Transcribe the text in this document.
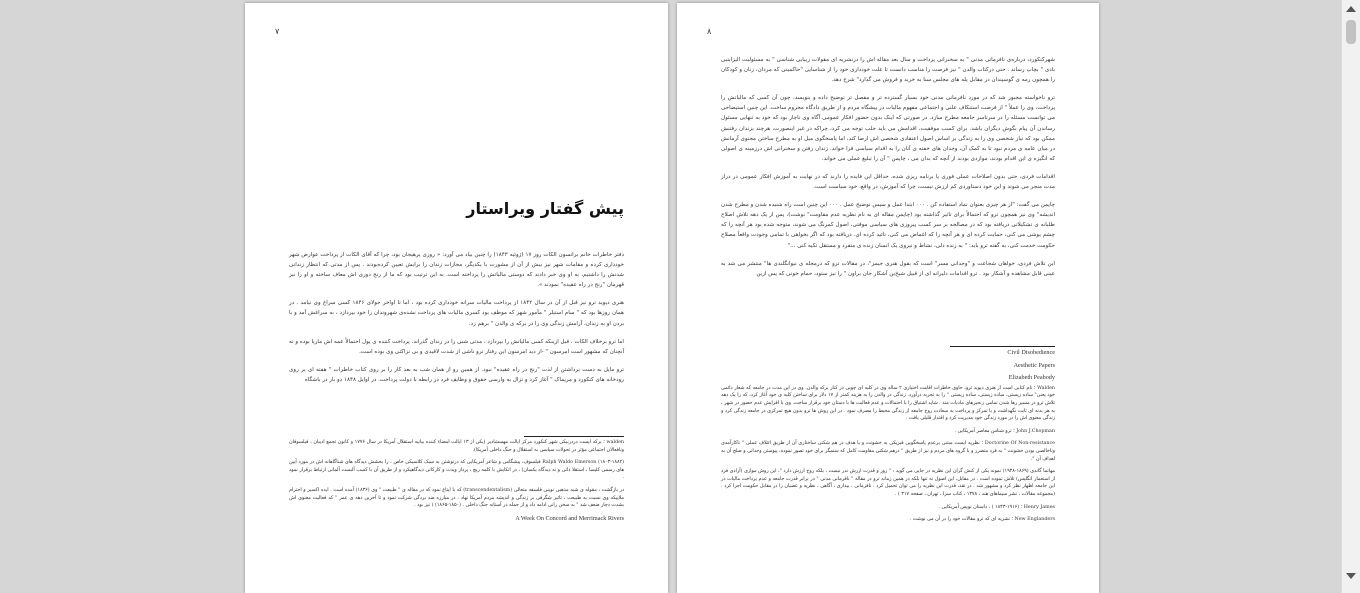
۷
پیش گفتار ویراستار

دفتر خاطرات خانم براتسون الکات روز ۱۷ (ژوئیه ۱۸۴۳) را چنین بیاد می آورد: « روزی پرهیجان بود، چرا که آقای الکات از پرداخت عوارض شهر خودداری کرده و مقامات شهر نیز بیش از آن از مشورت با یکدیگر، مجازات زندان را برایش تعیین کرده‌بودند . پس از مدتی که انتظار زندانی شدنش را داشتیم، به او وی خبر دادند که دوستی مالیاتش را پرداخته است. به این ترتیب بود که ما از رنج دوری اش معاف ساخته و او را نیز قهرمان "رنج در راه عقیده" نمودند ».

هنری دیوید ترو نیز قبل از آن در سال ۱۸۴۲ از پرداخت مالیات سرانه خودداری کرده بود ، اما تا اواخر جولای ۱۸۴۶ کسی سراغ وی نیامد . در همان روزها بود که " سام استیلر " مأمور شهر که موظف بود کسری مالیات های پرداخت نشده‌ی شهروندان را خود بپردازد ، به سراغش آمد و با بردن او به زندان، آرامش زندگی وی را در برکه ی والدن " برهم زد.

اما ترو برخلاف الکات ، قبل ازینکه کسی مالیاتش را بپردازد ، مدتی شبی را در زندان گذراند. پرداخت کننده ی پول احتمالاً عمه اش ماریا بوده و نه آنچنان که مشهور است امرسون " -از دید امرسون این رفتار ترو ناشی از شدت لاقیدی و بی نزاکتی وی بوده است.

ترو مایل به دست برداشتن از لذت "رنج در راه عقیده" نبود. از همین رو از همان شب به بعد کار را بر روی کتاب خاطرات " هفته ای بر روی رودخانه های کنکورد و مریماک " آغاز کرد و تزال به وارسی حقوق و وظایف فرد در رابطه با دولت پرداخت. در اوایل ۱۸۴۸ دو بار در باشگاه

walden ؛ برکه ایست دردرنیکی شهر کنکورد مرکز ایالت مهسشادیر (یکی از ۱۳ ایالت امضاء کننده بیانیه استقلال آمریکا در سال ۱۷۷۶ و کانون تجمع ادیبان ، فیلسوفان ونافعالان اجتماعی مؤثر در تحولات سیاسی به استقلال و جنگ داخلی آمریکا).

Ralph Waldo Emerson (۱۸۰۳-۱۸۸۲) فیلسوف، پیشگامی و شاعر آمریکایی که درنوشتن به سبک کلاسیکی خاص ، را بخشش دیدگاه های شناگاهانه اش در مورد آیین های رسمی کلیسا ، استقلا ذاتی و نه دیدگاه یکسان) ، در اتکایش با کلمه ریچ ، پرداز ویدت و کارکاتی دیدگاهیکرد و از طریق آن با کسب آلبست آلمانی ارتباط برقرار نمود .

در بازگشت ، مقوله ی شبه مذهبی نوینی فلسفه متعالی (transcendentalism) که با ایتاع نمود که در مقاله ی " طبیعت " وی (۱۸۳۶) آمده است . ایده اکسیر و احترام ملاپیکه وی نسبت به طبیعت ، تاثیر شگرفی بر زندگی و اندیشه مردم آمریکا نهاد . در مبارزه ضد بردگی شرکت نمود و تا آخرین دهه ی عمر " که فعالیت معنوی اش بشدت دچار ضعف شد " به سخن رانی ادامه داد و از جمله در آستانه جنگ داخلی . (۱۸۵۰-۱۸۶۵) ) نیز بود .

A Week On Concord and Merrimack Rivers

۸

شهرکنکورد، درباره‌ی نافرمانی مدنی " به سخنرانی پرداخت و سال بعد مقاله اش را درنشریه ای مقولات زیبایی شناسی " به مسئولیت الیزابتبی بادی " بچاپ رساند . حتی درکتاب والدن " نیز فرصت را مناسب دانست تا علت خودداری خود را از شناسایی "حاکمیتی که مردان، زنان و کودکان را همچون رمه ی گوسپندان در مقابل پله های مجلس سنا به خرید و فروش می گذارد" شرح دهد.

ترو ناخواسته مجبور شد که در مورد نافرمانی مدنی خود بسیار گسترده تر و مفصل تر توضیح داده و بنویسد، چون آن کسی که مالیاتش را پرداخت، وی را عملاً " از فرصت استنکاف علنی و اجتماعی مفهوم مالیات در پیشگاه مردم و از طریق دادگاه محروم ساخت. این چنین استیضاحی می توانست مسئله را در سرتاسر جامعه مطرح سازد. در صورتی که اینک بدون حضور افکار عمومی آگاه وی ناچار بود که خود به تنهایی مسئول رساندن آن پیام بگوش دیگران باشد. برای کسب موفقیت، اقدامش می باید جلب توجه می کرد، چراکه در غیر اینصورت، هرچند بزندان رفتنش ممکن بود که نیاز شخصی وی را به زندگی بر اساس اصول اعتقادی شخصی اش ارضا کند، اما پاسخگوی میل او به مطرح ساختن مجنوی آرمانش در میان عامه ی مردم نبود تا به کمک آن، وجدان های خفته ی آنان را به اقدام سیاسی فرا خواند. زندان رفتن و سخنرانی اش درزمینه ی اصولی که انگیزه ی این اقدام بودند، موازدی بودند از آنچه که بدان می ، چاپمن " آن را تبلیغ عملی می خواند.

اقدامات فردی، حتی بدون اصلاحات عملی فوری یا برنامه ریزی شده، حداقل این فایده را دارند که در نهایت به آموزش افکار عمومی در دراز مدت منجر می شوند و این خود دستاوردی کم ارزش نیست، چرا که آموزش، در واقع، خود سیاست است.

چاپمن می گفت: "از هر چیزی بعنوان نماد استفاده کن . ۰۰۰ ابتدا عمل و سپس توضیح عمل . ۰۰۰ این چنین است راه شنیده شدن و مطرح شدن اندیشه" وی نیز همچون ترو که احتمالاً برای تاثیر گذاشته بود (چاپمن مقاله ای به نام نظریه عدم مقاومت" نوشت)، پس از یک دهه تلاش اصلاح طلبانه ی تشکیلاتی دریافته بود که در مصالحه بر سر کسب پیروزی های سیاسی موقتی، اصول کمرنگ می شوند، متوجه شده بود هر آنچه را که چشم پوشی می کنی، حمایت کرده ای و هر آنچه را که اغماض می کنی، تائید کرده ای. دریافته بود که اگر بخواهی با تمامی وجودت واقعاً مصلاح حکومت خدمت کنی، به گفته ترو باید: " به زنده دلی، نشاط و نیروی یک انسان زنده ی متفرد و مستقل تکیه کنی ..."

این تلاش فردی، خواهان شجاعت و "وجدانی مسر" است که بقول هنری جیمز"، در مقالات ترو که درمجله ی نیوانگلندی ها" منتشر می شد به عینی قابل مشاهده و آشکار بود . ترو اقدامات دلیرانه ای از قبیل شیخ‌ین آشکار جان براون " را نیز ستود، حمام خونی که پس ازین

Civil Disobedience

Aesthetic Papers

Elizabeth Peabody

Walden ؛ نام کتابی است از هنری دیوید ترو، حاوی خاطرات اقامت اختیاری ۲ ساله وی در کلبه ای چوبی در کنار برکه والدن. وی در این مدت در جامعه که شعار دائمی خود یعنی" ساده زیستی، ساده زیستی، ساده زیستی " را به تجربه درآورد. زندگی در والدن را به هزینه کمتر از ۱۷ دلار برای ساختن کلبه ی خود آغاز کرد، که را یک دهه تلاش ترو در مسیر رها شدن تمامی زنجیرهای مادیات مند . شاید اشتیاق را با احتمالات و عدم فعالیت ها با دستان خود برقرار ساخت. وی با افزایش عدم حضور در شهر ، به هر بدنه ای ثابت نگهداشت و با تمرکز و پرداخت به سعادت روح جامعه از زندگی محیط را مصرف نمود . در این روش ها ترو بدون هیچ تمرکزی در جامعه زندگی کرد و زندگی معنوی اش را در مورد زندگی خود مدیریت کرد و اقتدار قلیلی یافت .

John J.Chopman ؛ ترو شناس معاصر آمریکایی .

Doctorine Of Non-resistance ؛ نظریه ایست مبتنی برعدم پاسخگویی فیزیکی به خشونت و یا هدف در هم شکنی ساختاری آن از طریق ائتلاف عملی " ناکارآمدی وناخالصی بودن خشونت " به فرد متضرر و یا گروه های مردم و نیز از طریق " درهم شکنی مقاومت کامل که ستمگر برای خود تصور نموده، پیوستن وجدانی و صلح آن به اهداف آن ".

مهاتما گاندی (۱۸۶۹-۱۹۴۸) نمونه یکی از کنش گران این نظریه در جایی می گوید : " زور و قدرت ارزش ندر نیست ، بلکه روح ارزش دارد "، این روش موازی (آزادی فرد از استعمار انگلیس) تلاش نموده است . در مقابل، این اصول نه تنها بلکه در همین زمانه ترو در مقاله " نافرمانی مدنی " در برابر قدرت جامعه و عدم پرداخت مالیات در این جامعه اظهار نظر کرد و مشهور شد . در نقد، قدرت این نظریه را می توان تحمیل کرد . نافرمانی ، بیداری ، آگاهی ، نظریه و عصیان را در مقابل حکومت اجرا کرد . (مجموعه مقالات ، نشر سیماهای هند ، ۱۳۷۸ ، کتاب سرا ، تهران ، صفحه ۳۱۷ ) .

Henry James ؛ (۱۹۱۶-۱۸۴۳ ) ، داستان نویس آمریکایی .

New Englanders ؛ نشریه ای که ترو مقالات خود را در آن می نوشت .
